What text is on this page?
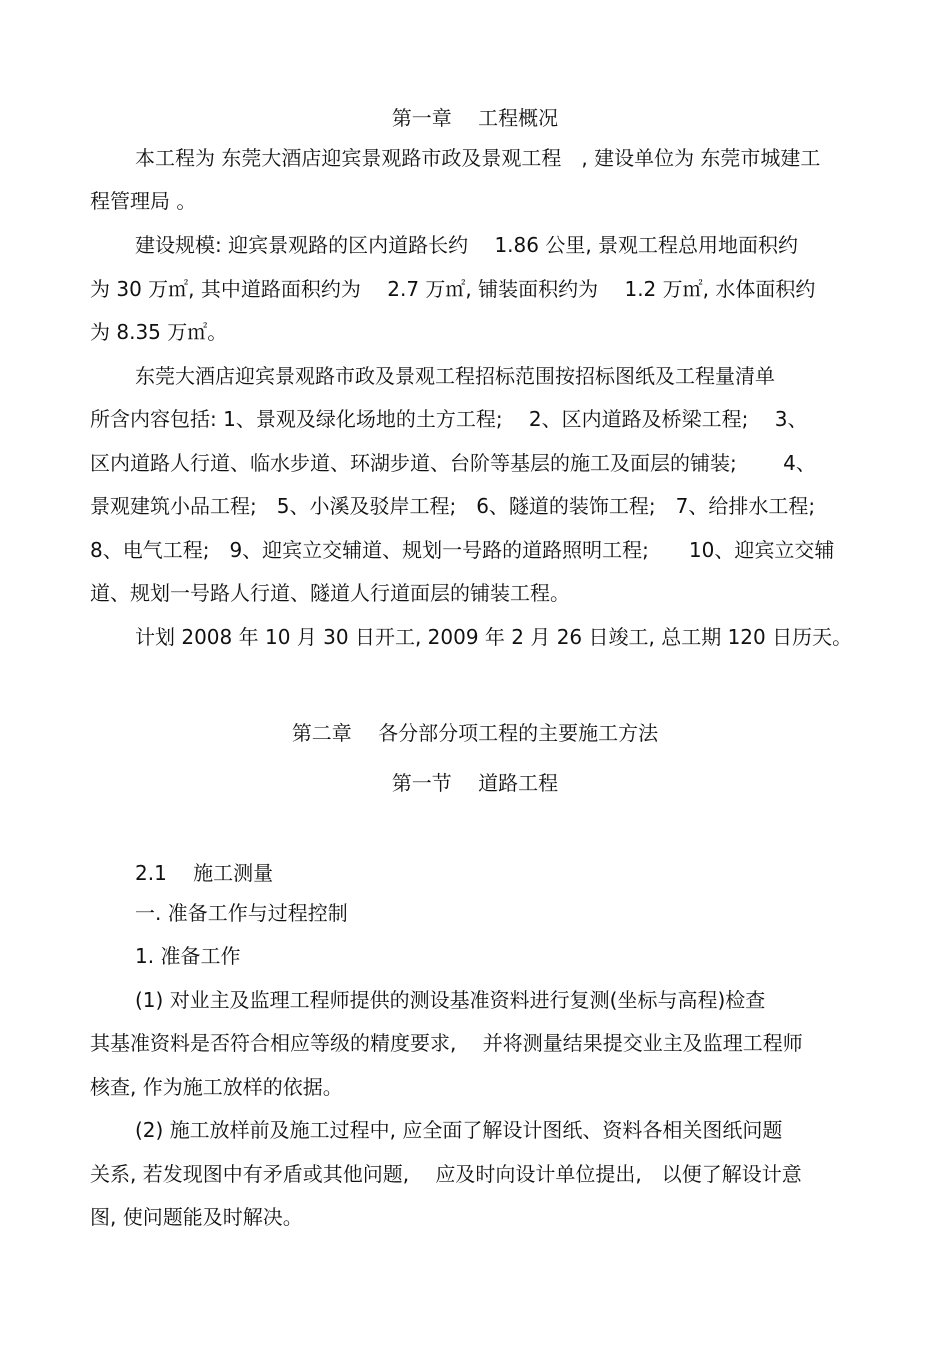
第一章　 工程概况
本工程为 东莞大酒店迎宾景观路市政及景观工程　, 建设单位为 东莞市城建工
程管理局 。
建设规模: 迎宾景观路的区内道路长约　 1.86 公里, 景观工程总用地面积约
为 30 万㎡, 其中道路面积约为　 2.7 万㎡, 铺装面积约为　 1.2 万㎡, 水体面积约
为 8.35 万㎡。
东莞大酒店迎宾景观路市政及景观工程招标范围按招标图纸及工程量清单
所含内容包括: 1、景观及绿化场地的土方工程;　 2、区内道路及桥梁工程;　 3、
区内道路人行道、临水步道、环湖步道、台阶等基层的施工及面层的铺装;　　 4、
景观建筑小品工程;　5、小溪及驳岸工程;　6、隧道的装饰工程;　7、给排水工程;
8、电气工程;　9、迎宾立交辅道、规划一号路的道路照明工程;　　10、迎宾立交辅
道、规划一号路人行道、隧道人行道面层的铺装工程。
计划 2008 年 10 月 30 日开工, 2009 年 2 月 26 日竣工, 总工期 120 日历天。
第二章　 各分部分项工程的主要施工方法
第一节　 道路工程
2.1　 施工测量
一. 准备工作与过程控制
1. 准备工作
(1) 对业主及监理工程师提供的测设基准资料进行复测(坐标与高程)检查
其基准资料是否符合相应等级的精度要求,　 并将测量结果提交业主及监理工程师
核查, 作为施工放样的依据。
(2) 施工放样前及施工过程中, 应全面了解设计图纸、资料各相关图纸问题
关系, 若发现图中有矛盾或其他问题,　 应及时向设计单位提出,　以便了解设计意
图, 使问题能及时解决。
